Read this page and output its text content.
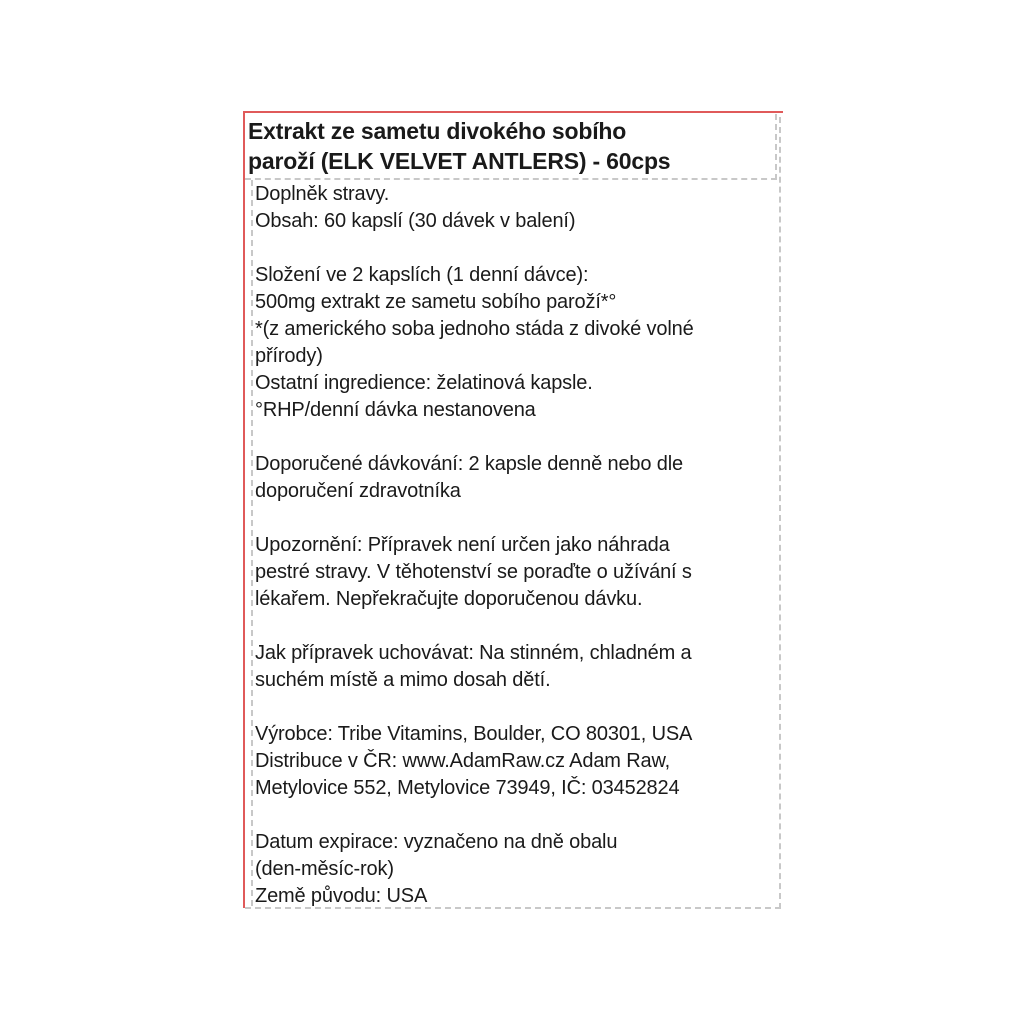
Extrakt ze sametu divokého sobího
paroží (ELK VELVET ANTLERS) - 60cps

Doplněk stravy.
Obsah: 60 kapslí (30 dávek v balení)

Složení ve 2 kapslích (1 denní dávce):
500mg extrakt ze sametu sobího paroží*°
*(z amerického soba jednoho stáda z divoké volné
přírody)
Ostatní ingredience: želatinová kapsle.
°RHP/denní dávka nestanovena

Doporučené dávkování: 2 kapsle denně nebo dle
doporučení zdravotníka

Upozornění: Přípravek není určen jako náhrada
pestré stravy. V těhotenství se poraďte o užívání s
lékařem. Nepřekračujte doporučenou dávku.

Jak přípravek uchovávat: Na stinném, chladném a
suchém místě a mimo dosah dětí.

Výrobce: Tribe Vitamins, Boulder, CO 80301, USA
Distribuce v ČR: www.AdamRaw.cz Adam Raw,
Metylovice 552, Metylovice 73949, IČ: 03452824

Datum expirace: vyznačeno na dně obalu
(den-měsíc-rok)
Země původu: USA
